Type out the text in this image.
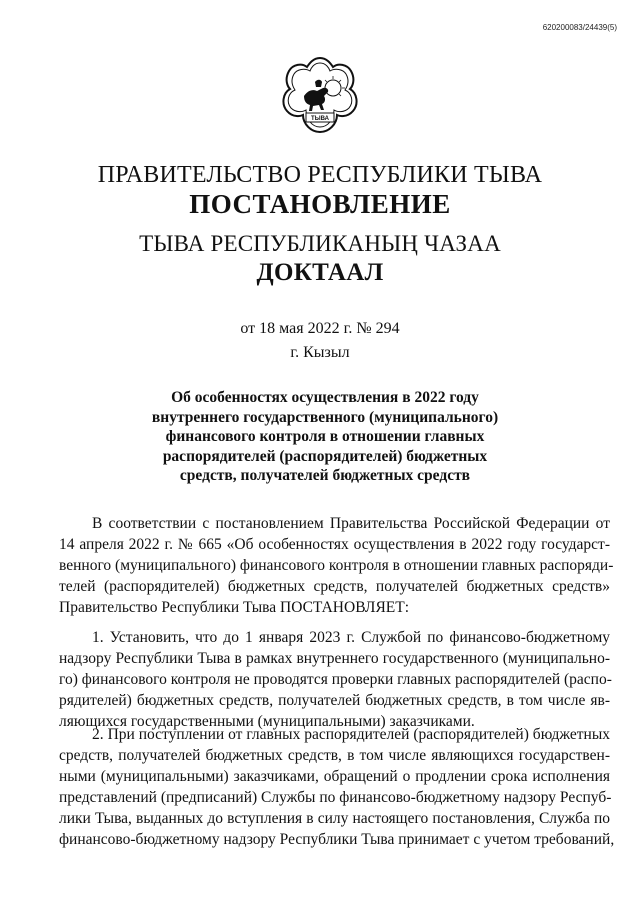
620200083/24439(5)
ТЫВА
ПРАВИТЕЛЬСТВО РЕСПУБЛИКИ ТЫВА
ПОСТАНОВЛЕНИЕ
ТЫВА РЕСПУБЛИКАНЫҢ ЧАЗАА
ДОКТААЛ
от 18 мая 2022 г. № 294
г. Кызыл
Об особенностях осуществления в 2022 году
внутреннего государственного (муниципального)
финансового контроля в отношении главных
распорядителей (распорядителей) бюджетных
средств, получателей бюджетных средств
В соответствии с постановлением Правительства Российской Федерации от
14 апреля 2022 г. № 665 «Об особенностях осуществления в 2022 году государст-
венного (муниципального) финансового контроля в отношении главных распоряди-
телей (распорядителей) бюджетных средств, получателей бюджетных средств»
Правительство Республики Тыва ПОСТАНОВЛЯЕТ:
1. Установить, что до 1 января 2023 г. Службой по финансово-бюджетному
надзору Республики Тыва в рамках внутреннего государственного (муниципально-
го) финансового контроля не проводятся проверки главных распорядителей (распо-
рядителей) бюджетных средств, получателей бюджетных средств, в том числе яв-
ляющихся государственными (муниципальными) заказчиками.
2. При поступлении от главных распорядителей (распорядителей) бюджетных
средств, получателей бюджетных средств, в том числе являющихся государствен-
ными (муниципальными) заказчиками, обращений о продлении срока исполнения
представлений (предписаний) Службы по финансово-бюджетному надзору Респуб-
лики Тыва, выданных до вступления в силу настоящего постановления, Служба по
финансово-бюджетному надзору Республики Тыва принимает с учетом требований,
